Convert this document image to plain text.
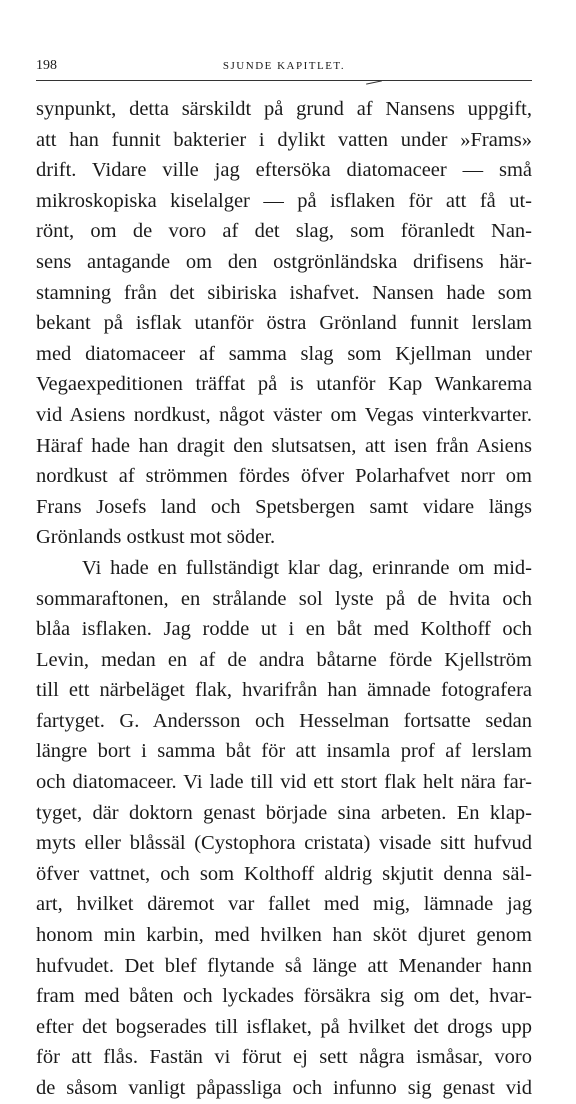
198	SJUNDE KAPITLET.

synpunkt, detta särskildt på grund af Nansens uppgift,
att han funnit bakterier i dylikt vatten under »Frams»
drift. Vidare ville jag eftersöka diatomaceer — små
mikroskopiska kiselalger — på isflaken för att få ut-
rönt, om de voro af det slag, som föranledt Nan-
sens antagande om den ostgrönländska drifisens här-
stamning från det sibiriska ishafvet. Nansen hade som
bekant på isflak utanför östra Grönland funnit lerslam
med diatomaceer af samma slag som Kjellman under
Vegaexpeditionen träffat på is utanför Kap Wankarema
vid Asiens nordkust, något väster om Vegas vinterkvarter.
Häraf hade han dragit den slutsatsen, att isen från Asiens
nordkust af strömmen fördes öfver Polarhafvet norr om
Frans Josefs land och Spetsbergen samt vidare längs
Grönlands ostkust mot söder.

Vi hade en fullständigt klar dag, erinrande om mid-
sommaraftonen, en strålande sol lyste på de hvita och
blåa isflaken. Jag rodde ut i en båt med Kolthoff och
Levin, medan en af de andra båtarne förde Kjellström
till ett närbeläget flak, hvarifrån han ämnade fotografera
fartyget. G. Andersson och Hesselman fortsatte sedan
längre bort i samma båt för att insamla prof af lerslam
och diatomaceer. Vi lade till vid ett stort flak helt nära far-
tyget, där doktorn genast började sina arbeten. En klap-
myts eller blåssäl (Cystophora cristata) visade sitt hufvud
öfver vattnet, och som Kolthoff aldrig skjutit denna säl-
art, hvilket däremot var fallet med mig, lämnade jag
honom min karbin, med hvilken han sköt djuret genom
hufvudet. Det blef flytande så länge att Menander hann
fram med båten och lyckades försäkra sig om det, hvar-
efter det bogserades till isflaket, på hvilket det drogs upp
för att flås. Fastän vi förut ej sett några ismåsar, voro
de såsom vanligt påpassliga och infunno sig genast vid
